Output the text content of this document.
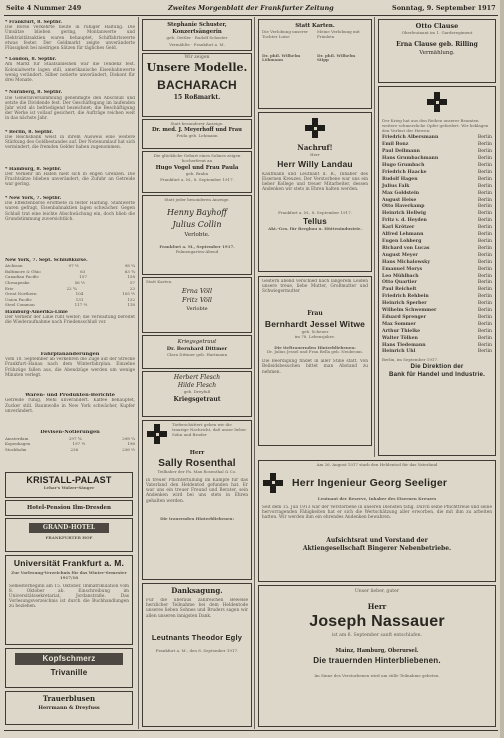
Seite 4 Nummer 249	Zweites Morgenblatt der Frankfurter Zeitung	Sonntag, 9. September 1917
* Frankfurt, 8. Septbr.
Die Börse verkehrte heute in ruhiger Haltung. Die Umsätze blieben gering, Montanwerte und Elektrizitätsaktien waren behauptet, Schiffahrtswerte etwas fester. Der Geldmarkt zeigte unveränderte Flüssigkeit bei niedrigen Sätzen für tägliches Geld.
* London, 8. Septbr.
Am Markt für Staatsanleihen war die Tendenz fest. Kolonialwerte lagen still, amerikanische Eisenbahnwerte wenig verändert. Silber notierte unverändert, Diskont für drei Monate.
* Nürnberg, 8. Septbr.
Die Generalversammlung genehmigte den Abschluß und setzte die Dividende fest. Der Geschäftsgang im laufenden Jahr wird als befriedigend bezeichnet; die Beschäftigung der Werke ist vollauf gesichert, die Aufträge reichen weit in das nächste Jahr.
* Berlin, 8. Septbr.
Die Reichsbank weist in ihrem Ausweis eine weitere Stärkung des Goldbestandes auf. Der Notenumlauf hat sich vermindert, die fremden Gelder haben zugenommen.
* Hamburg, 8. Septbr.
Der Verkehr im Hafen hielt sich in engen Grenzen. Die Frachtsätze blieben unverändert, die Zufuhr an Getreide war gering.
* New York, 7. Septbr.
Die Effektenbörse eröffnete in fester Haltung. Stahlwerte waren gefragt, Eisenbahnaktien lagen schwächer. Gegen Schluß trat eine leichte Abschwächung ein, doch blieb die Grundstimmung zuversichtlich.
New York, 7. Sept. Schlußkurse.
Atchison	97 ½	98 ¼
Baltimore & Ohio	63	63 ¾
Canadian Pacific	157	158
Chesapeake	56 ½	57
Erie	22 ¾	23
Great Northern	104	105 ½
Union Pacific	131	132
Steel Common	117 ½	118
Hamburg-Amerika-Linie
Der Verkehr der Linie ruht weiter; die Verwaltung bereitet die Wiederaufnahme nach Friedensschluß vor.
Fahrplanänderungen
Vom 10. September ab verkehren die Züge auf der Strecke Frankfurt–Hanau nach dem Winterfahrplan. Einzelne Frühzüge fallen aus, die Abendzüge werden um wenige Minuten verlegt.
Waren- und Produkten-Berichte
Getreide ruhig, Mehl unverändert. Kaffee behauptet, Zucker still. Baumwolle in New York schwächer, Kupfer unverändert.
Devisen-Notierungen
Amsterdam	297 ¾	298 ¼
Kopenhagen	197 ½	198
Stockholm	236	236 ½
KRISTALL-PALAST
Lehar's Walzer-Sänger
Hotel-Pension Ilm-Dresden
GRAND-HOTEL
FRANKFURTER HOF
Universität Frankfurt a. M.
Zur Vorlesung-Verzeichnis für das Winter-Semester 1917/18
Semesterbeginn am 15. Oktober. Immatrikulation vom 8. Oktober ab. Einschreibung im Universitätssekretariat, Jordanstraße. Das Vorlesungsverzeichnis ist durch die Buchhandlungen zu beziehen.
Kopfschmerz
Trivanille
Trauerblusen
Herrmann & Dreyfuss
Stephanie Schuster, Konzertsängerin
geb. Oettler · Rudolf Schuster
Vermählte · Frankfurt a. M.
Wir zeigen
Unsere Modelle.
BACHARACH
15 Roßmarkt.
Statt besonderer Anzeige.
Dr. med. J. Meyerhoff und Frau
Frida geb. Lehmann
Die glückliche Geburt eines Sohnes zeigen hocherfreut an
Hugo Vogel und Frau Paula
geb. Brahn
Frankfurt a. M., 8. September 1917.
Statt jeder besonderen Anzeige.
Henny Bayhoff
Julius Collin
Verlobte.
Frankfurt a. M., September 1917.
Palmengarten-Abend
Statt Karten.
Erna Völl
Fritz Völl
Verlobte
Kriegsgetraut
Dr. Bernhard Dittmer
Clara Dittmer geb. Hartmann
Herbert Flesch
Hilde Flesch
geb. Dreyfuß
Kriegsgetraut
Tieferschüttert geben wir die traurige Nachricht, daß unser lieber Sohn und Bruder
Herr
Sally Rosenthal
Teilhaber der Fa. Max Rosenthal & Co.
in treuer Pflichterfüllung im Kampfe für das Vaterland den Heldentod gefunden hat. Er war uns ein treuer Freund und Berater, sein Andenken wird bei uns stets in Ehren gehalten werden.
Die trauernden Hinterbliebenen:
Danksagung.
Für die überaus zahlreichen Beweise herzlicher Teilnahme bei dem Heldentode unseres lieben Sohnes und Bruders sagen wir allen unseren innigsten Dank.
Leutnants Theodor Egly
Frankfurt a. M., den 8. September 1917.
Statt Karten.
Die Verlobung unserer Tochter Luise
Dr. phil. Wilhelm Löhmann
Meine Verlobung mit Fräulein
Dr. phil. Wilhelm Stipp
Nachruf!
Herr
Herr Willy Landau
Kaufmann und Leutnant d. R., Inhaber des Eisernen Kreuzes. Der Verstorbene war uns ein lieber Kollege und treuer Mitarbeiter, dessen Andenken wir stets in Ehren halten werden.
Frankfurt a. M., 8. September 1917.
Tellus
Akt.-Ges. für Bergbau u. Hüttenindustrie.
Gestern abend verschied nach längerem Leiden unsere treue, liebe Mutter, Großmutter und Schwiegermutter
Frau
Bernhardt Jessel Witwe
geb. Scheuer
im 78. Lebensjahre.
Die tieftrauernden Hinterbliebenen:
Dr. Julius Jessel und Frau Bella geb. Neubronn.
Die Beerdigung findet in aller Stille statt. Von Beileidsbesuchen bittet man Abstand zu nehmen.
Otto Clause
Oberleutnant im 1. Garderegiment
Erna Clause geb. Rilling
Vermählung.
Der Krieg hat aus den Reihen unserer Beamten weitere schmerzliche Opfer gefordert. Wir beklagen den Verlust der Herren:
Friedrich Albersmann	Berlin
Emil Bonz	Berlin
Paul Dellmann	Berlin
Hans Grumbachmann	Berlin
Hugo Grumbach	Berlin
Friedrich Haacke	Berlin
Rudolf Hagen	Berlin
Julius Falk	Berlin
Max Goldstein	Berlin
August Heise	Berlin
Otto Haverkamp	Berlin
Heinrich Hellwig	Berlin
Fritz v. d. Heyden	Berlin
Karl Krötzer	Berlin
Alfred Lehmann	Berlin
Eugen Lohberg	Berlin
Richard von Lucas	Berlin
August Meyer	Berlin
Hans Michalowsky	Berlin
Emanuel Morys	Berlin
Leo Mühlbach	Berlin
Otto Quartier	Berlin
Paul Reichelt	Berlin
Friedrich Rehbein	Berlin
Heinrich Sperber	Berlin
Wilhelm Schwemmer	Berlin
Eduard Sprenger	Berlin
Max Sommer	Berlin
Arthur Thielke	Berlin
Walter Tölken	Berlin
Hans Tiedemann	Berlin
Heinrich Uhl	Berlin
Berlin, im September 1917.
Die Direktion der
Bank für Handel und Industrie.
Am 26. August 1917 starb den Heldentod für das Vaterland
Herr Ingenieur Georg Seeliger
Leutnant der Reserve, Inhaber des Eisernen Kreuzes
Seit dem 15. Juli 1913 war der Verstorbene in unseren Diensten tätig. Durch seine Pflichttreue und seine hervorragenden Fähigkeiten hat er sich die Wertschätzung aller erworben, die mit ihm zu arbeiten hatten. Wir werden ihm ein ehrendes Andenken bewahren.
Aufsichtsrat und Vorstand der
Aktiengesellschaft Bingerer Nebenbetriebe.
Unser lieber, guter
Herr
Joseph Nassauer
ist am 6. September sanft entschlafen.
Mainz, Hamburg, Oberursel.
Die trauernden Hinterbliebenen.
Im Sinne des Verstorbenen wird um stille Teilnahme gebeten.
